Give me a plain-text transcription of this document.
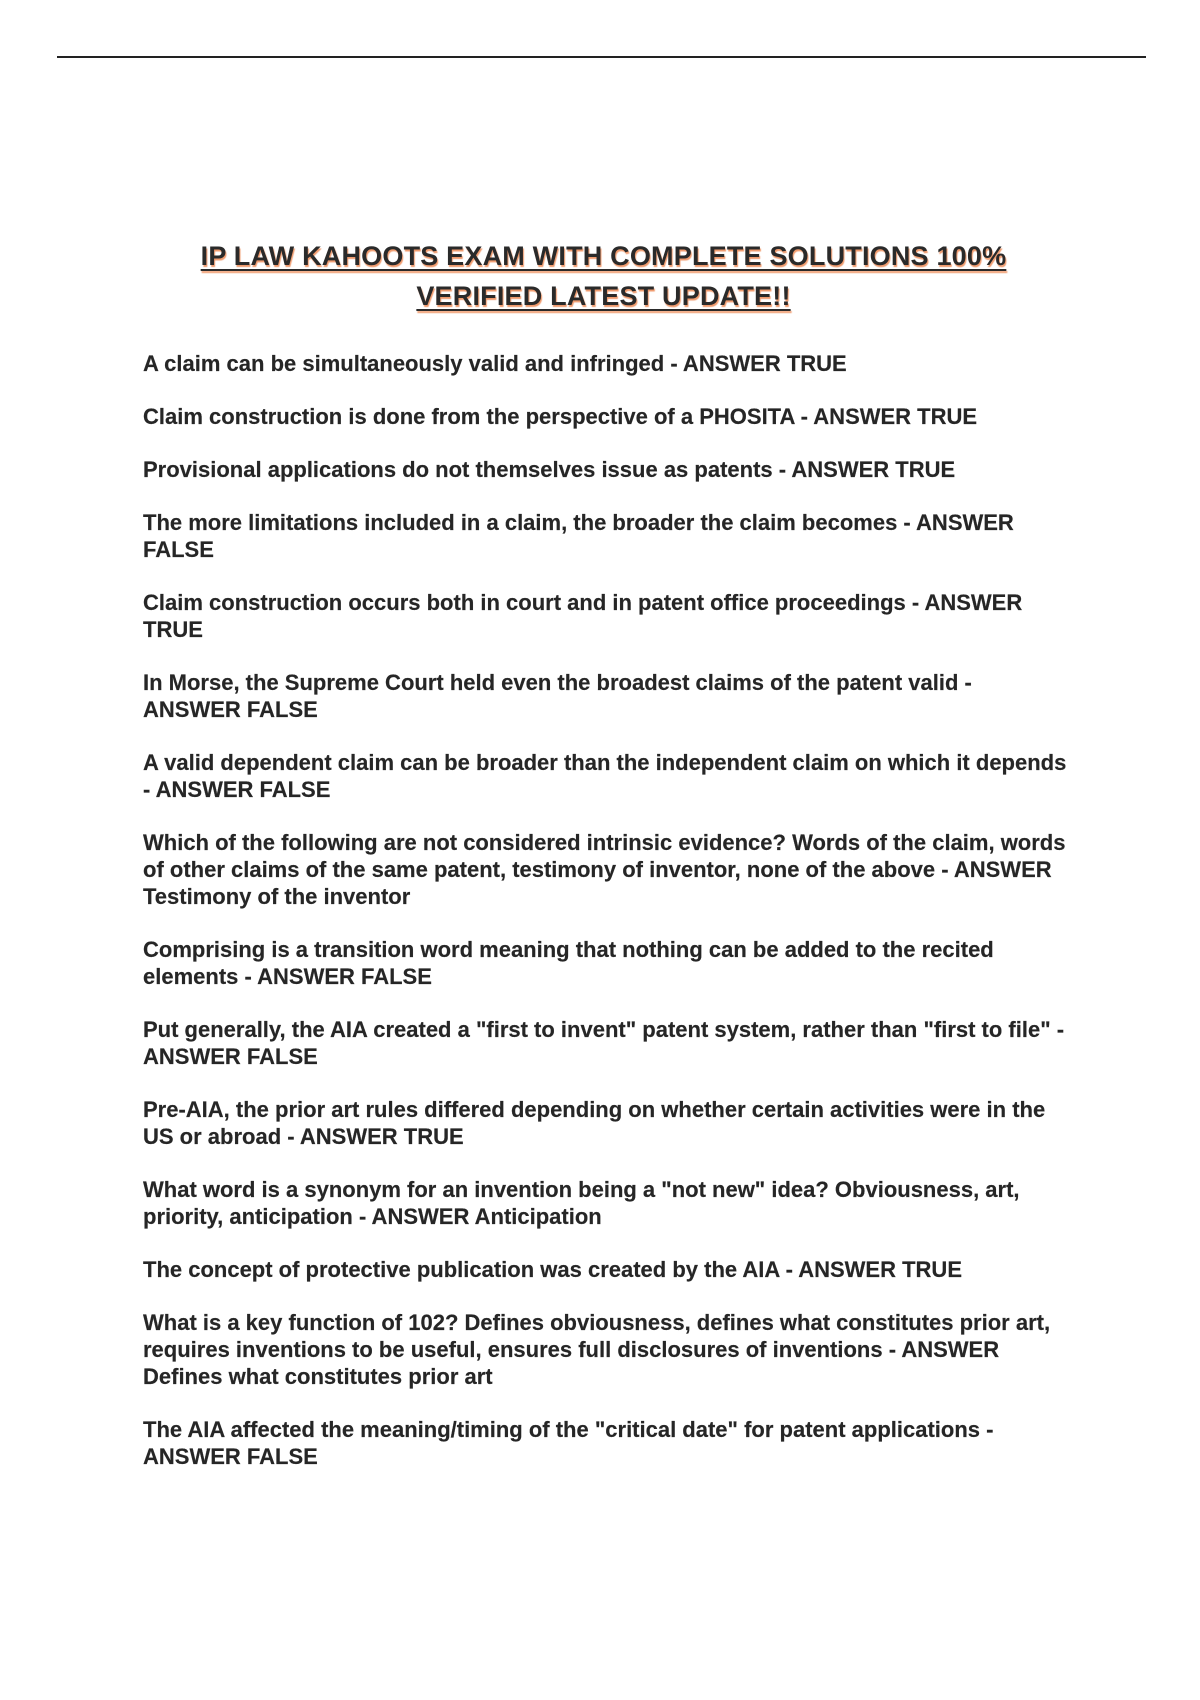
IP LAW KAHOOTS EXAM WITH COMPLETE SOLUTIONS 100%
VERIFIED LATEST UPDATE!!
A claim can be simultaneously valid and infringed - ANSWER TRUE
Claim construction is done from the perspective of a PHOSITA - ANSWER TRUE
Provisional applications do not themselves issue as patents - ANSWER TRUE
The more limitations included in a claim, the broader the claim becomes - ANSWER FALSE
Claim construction occurs both in court and in patent office proceedings - ANSWER TRUE
In Morse, the Supreme Court held even the broadest claims of the patent valid - ANSWER FALSE
A valid dependent claim can be broader than the independent claim on which it depends - ANSWER FALSE
Which of the following are not considered intrinsic evidence? Words of the claim, words of other claims of the same patent, testimony of inventor, none of the above - ANSWER Testimony of the inventor
Comprising is a transition word meaning that nothing can be added to the recited elements - ANSWER FALSE
Put generally, the AIA created a "first to invent" patent system, rather than "first to file" - ANSWER FALSE
Pre-AIA, the prior art rules differed depending on whether certain activities were in the US or abroad - ANSWER TRUE
What word is a synonym for an invention being a "not new" idea? Obviousness, art, priority, anticipation - ANSWER Anticipation
The concept of protective publication was created by the AIA - ANSWER TRUE
What is a key function of 102? Defines obviousness, defines what constitutes prior art, requires inventions to be useful, ensures full disclosures of inventions - ANSWER Defines what constitutes prior art
The AIA affected the meaning/timing of the "critical date" for patent applications - ANSWER FALSE
